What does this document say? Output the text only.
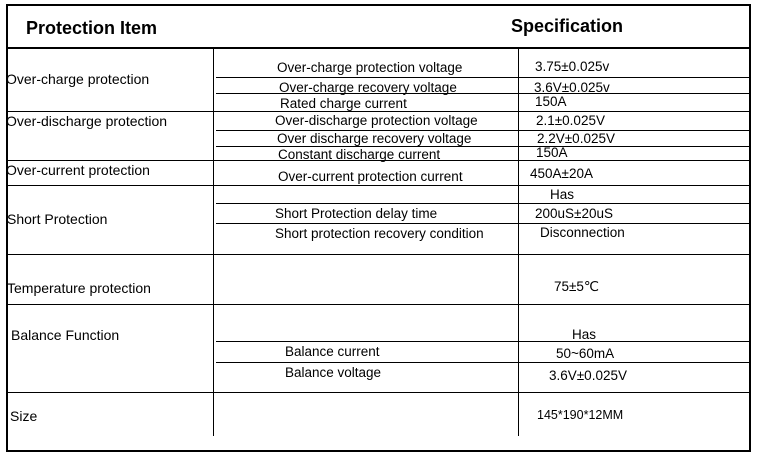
Protection Item	Specification
Over-charge protection
Over-discharge protection
Over-current protection
Short Protection
Temperature protection
Balance Function
Size
Over-charge protection voltage
Over-charge recovery voltage
Rated charge current
Over-discharge protection voltage
Over discharge recovery voltage
Constant discharge current
Over-current protection current
Short Protection delay time
Short protection recovery condition
Balance current
Balance voltage
3.75±0.025v
3.6V±0.025v
150A
2.1±0.025V
2.2V±0.025V
150A
450A±20A
Has
200uS±20uS
Disconnection
75±5℃
Has
50~60mA
3.6V±0.025V
145*190*12MM
